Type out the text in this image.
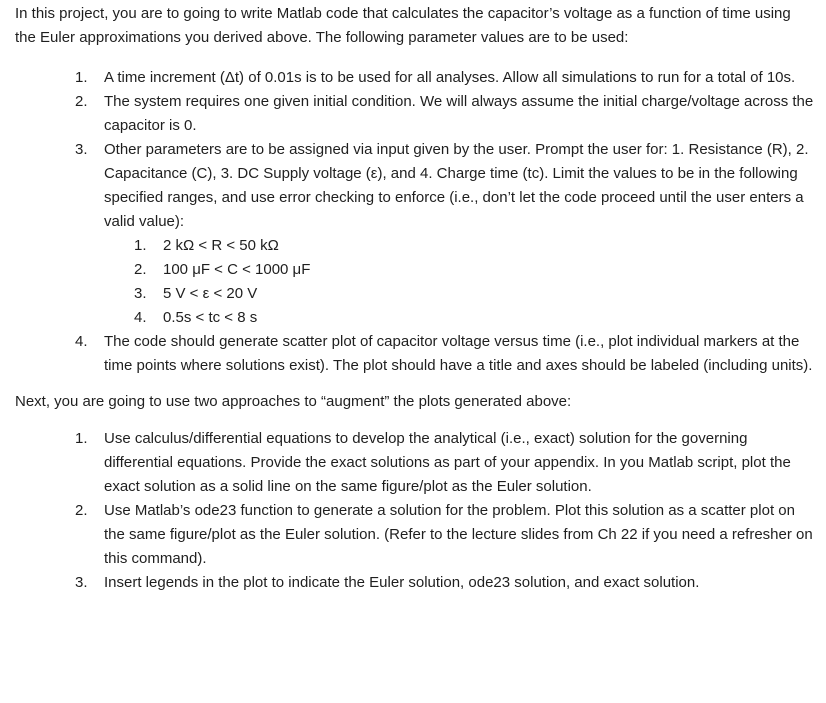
In this project, you are to going to write Matlab code that calculates the capacitor’s voltage as a function of time using the Euler approximations you derived above. The following parameter values are to be used:

1. A time increment (Δt) of 0.01s is to be used for all analyses. Allow all simulations to run for a total of 10s.
2. The system requires one given initial condition. We will always assume the initial charge/voltage across the capacitor is 0.
3. Other parameters are to be assigned via input given by the user. Prompt the user for: 1. Resistance (R), 2. Capacitance (C), 3. DC Supply voltage (ε), and 4. Charge time (tc). Limit the values to be in the following specified ranges, and use error checking to enforce (i.e., don’t let the code proceed until the user enters a valid value):
1. 2 kΩ < R < 50 kΩ
2. 100 μF < C < 1000 μF
3. 5 V < ε < 20 V
4. 0.5s < tc < 8 s
4. The code should generate scatter plot of capacitor voltage versus time (i.e., plot individual markers at the time points where solutions exist). The plot should have a title and axes should be labeled (including units).

Next, you are going to use two approaches to “augment” the plots generated above:

1. Use calculus/differential equations to develop the analytical (i.e., exact) solution for the governing differential equations. Provide the exact solutions as part of your appendix. In you Matlab script, plot the exact solution as a solid line on the same figure/plot as the Euler solution.
2. Use Matlab’s ode23 function to generate a solution for the problem. Plot this solution as a scatter plot on the same figure/plot as the Euler solution. (Refer to the lecture slides from Ch 22 if you need a refresher on this command).
3. Insert legends in the plot to indicate the Euler solution, ode23 solution, and exact solution.
